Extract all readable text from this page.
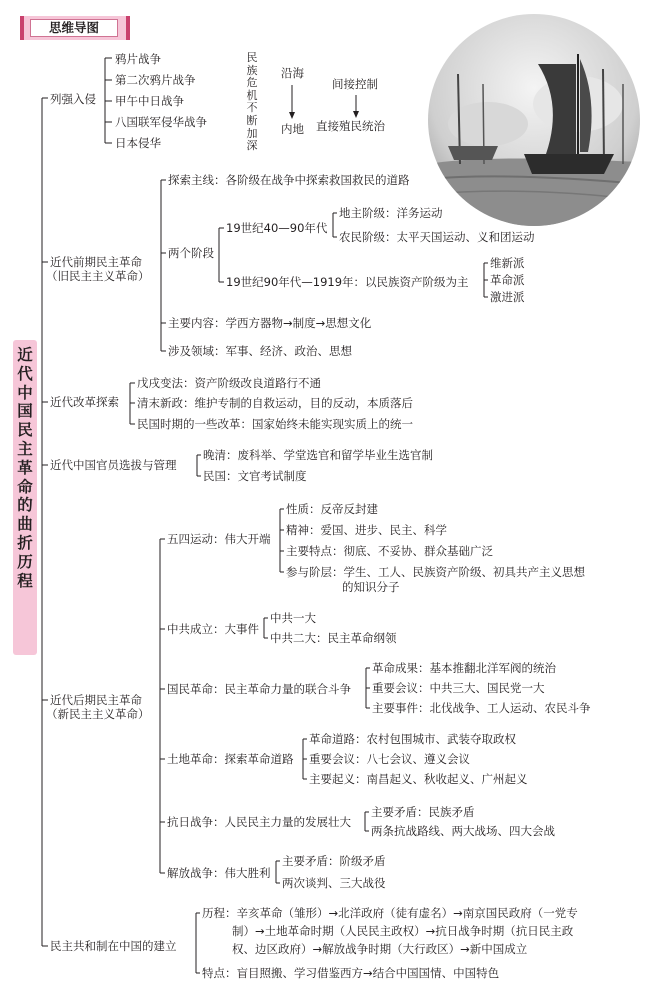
思维导图
近代中国民主革命的曲折历程
列强入侵
鸦片战争
第二次鸦片战争
甲午中日战争
八国联军侵华战争
日本侵华
民族危机不断加深
沿海
内地
间接控制
直接殖民统治
近代前期民主革命
（旧民主主义革命）
探索主线：各阶级在战争中探索救国救民的道路
两个阶段
19世纪40—90年代
地主阶级：洋务运动
农民阶级：太平天国运动、义和团运动
19世纪90年代—1919年：以民族资产阶级为主
维新派
革命派
激进派
主要内容：学西方器物→制度→思想文化
涉及领域：军事、经济、政治、思想
近代改革探索
戊戌变法：资产阶级改良道路行不通
清末新政：维护专制的自救运动，目的反动，本质落后
民国时期的一些改革：国家始终未能实现实质上的统一
近代中国官员选拔与管理
晚清：废科举、学堂选官和留学毕业生选官制
民国：文官考试制度
近代后期民主革命
（新民主主义革命）
五四运动：伟大开端
性质：反帝反封建
精神：爱国、进步、民主、科学
主要特点：彻底、不妥协、群众基础广泛
参与阶层：学生、工人、民族资产阶级、初具共产主义思想
的知识分子
中共成立：大事件
中共一大
中共二大：民主革命纲领
国民革命：民主革命力量的联合斗争
革命成果：基本推翻北洋军阀的统治
重要会议：中共三大、国民党一大
主要事件：北伐战争、工人运动、农民斗争
土地革命：探索革命道路
革命道路：农村包围城市、武装夺取政权
重要会议：八七会议、遵义会议
主要起义：南昌起义、秋收起义、广州起义
抗日战争：人民民主力量的发展壮大
主要矛盾：民族矛盾
两条抗战路线、两大战场、四大会战
解放战争：伟大胜利
主要矛盾：阶级矛盾
两次谈判、三大战役
民主共和制在中国的建立
历程：辛亥革命（雏形）→北洋政府（徒有虚名）→南京国民政府（一党专
制）→土地革命时期（人民民主政权）→抗日战争时期（抗日民主政
权、边区政府）→解放战争时期（大行政区）→新中国成立
特点：盲目照搬、学习借鉴西方→结合中国国情、中国特色
